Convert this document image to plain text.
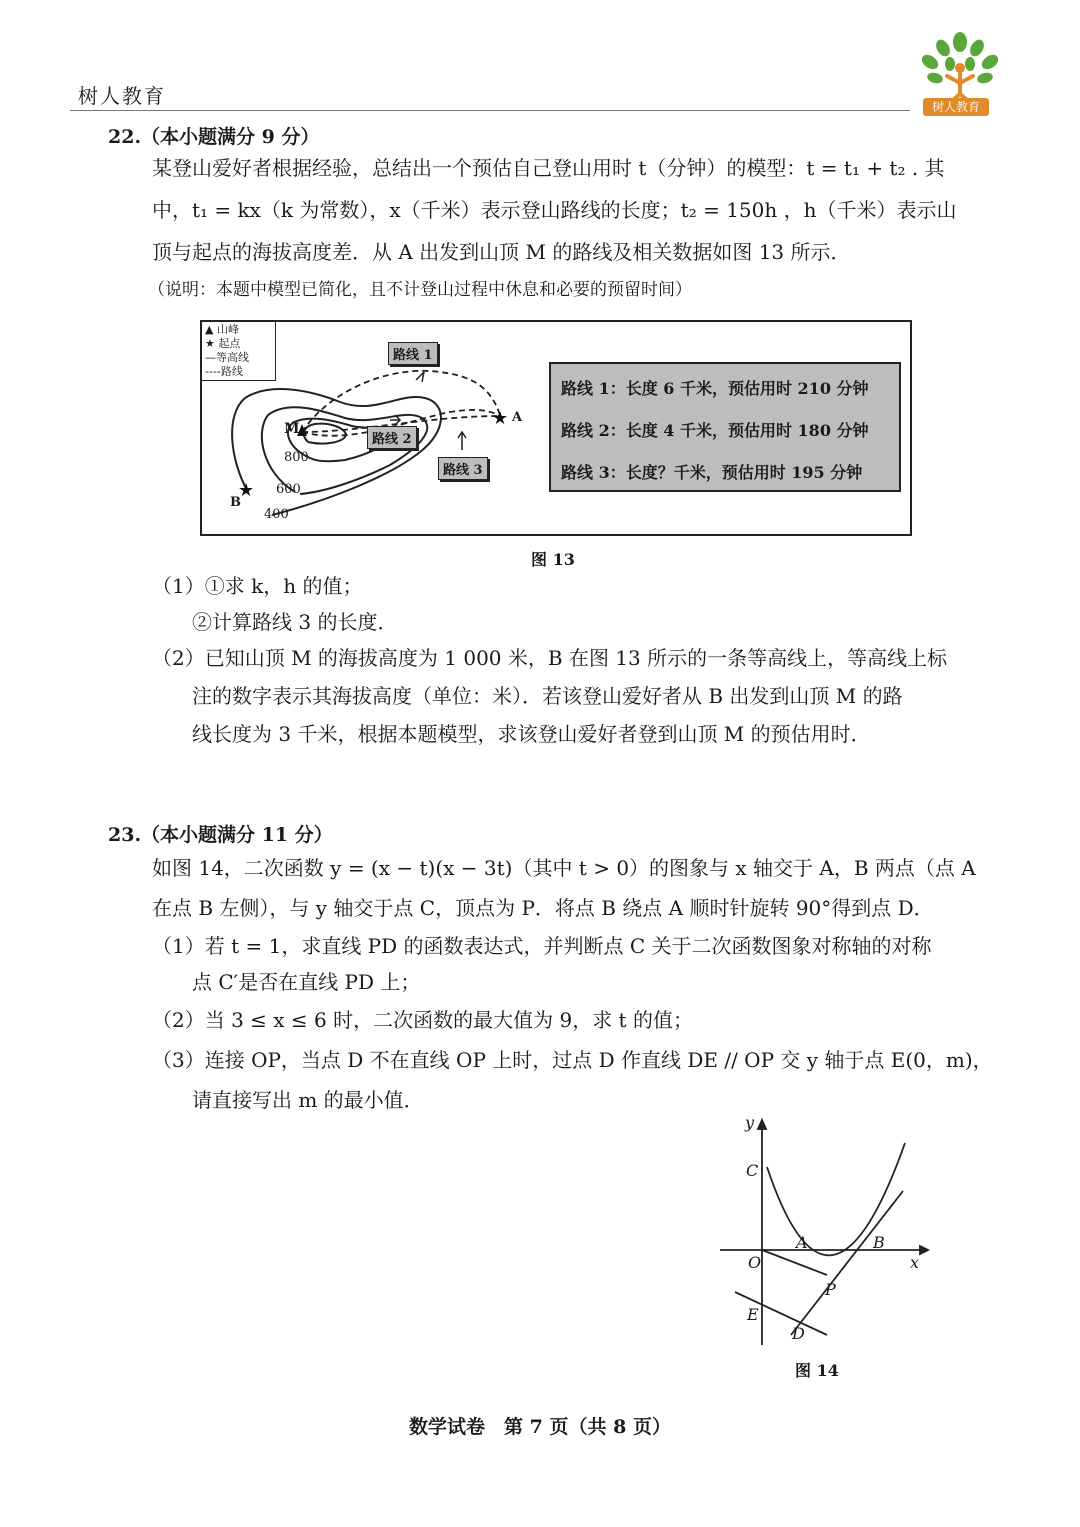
树人教育	树人教育
22.（本小题满分 9 分）
某登山爱好者根据经验，总结出一个预估自己登山用时 t（分钟）的模型：t = t₁ + t₂ . 其
中，t₁ = kx（k 为常数），x（千米）表示登山路线的长度；t₂ = 150h ，h（千米）表示山
顶与起点的海拔高度差．从 A 出发到山顶 M 的路线及相关数据如图 13 所示．
（说明：本题中模型已简化，且不计登山过程中休息和必要的预留时间）
▲ 山峰
★ 起点
—等高线
----路线
★
★
M
A
B
800
600
400
路线 1
路线 2
路线 3
路线 1：长度 6 千米，预估用时 210 分钟
路线 2：长度 4 千米，预估用时 180 分钟
路线 3：长度？千米，预估用时 195 分钟
图 13
（1）①求 k，h 的值；
②计算路线 3 的长度．
（2）已知山顶 M 的海拔高度为 1 000 米，B 在图 13 所示的一条等高线上，等高线上标
注的数字表示其海拔高度（单位：米）．若该登山爱好者从 B 出发到山顶 M 的路
线长度为 3 千米，根据本题模型，求该登山爱好者登到山顶 M 的预估用时．
23.（本小题满分 11 分）
如图 14，二次函数 y = (x − t)(x − 3t)（其中 t > 0）的图象与 x 轴交于 A，B 两点（点 A
在点 B 左侧），与 y 轴交于点 C，顶点为 P．将点 B 绕点 A 顺时针旋转 90°得到点 D．
（1）若 t = 1，求直线 PD 的函数表达式，并判断点 C 关于二次函数图象对称轴的对称
点 C′是否在直线 PD 上；
（2）当 3 ≤ x ≤ 6 时，二次函数的最大值为 9，求 t 的值；
（3）连接 OP，当点 D 不在直线 OP 上时，过点 D 作直线 DE // OP 交 y 轴于点 E(0，m)，
请直接写出 m 的最小值．
y
x
C
O
A	B
P
E
D
图 14
数学试卷　第 7 页（共 8 页）
